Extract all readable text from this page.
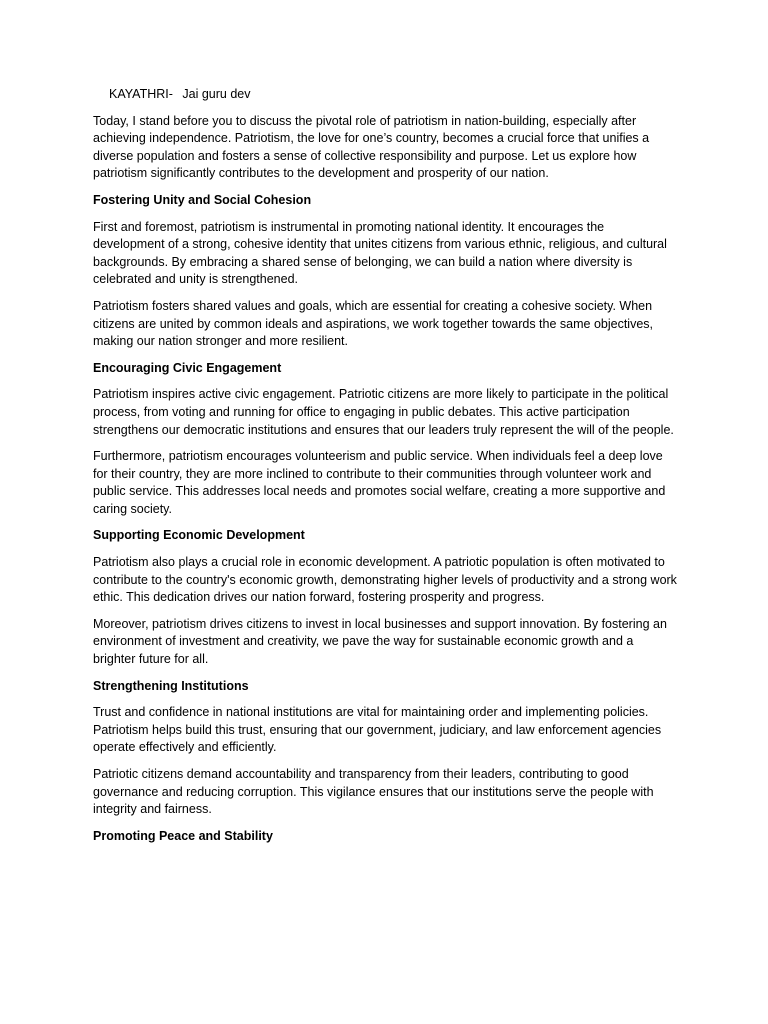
KAYATHRI- Jai guru dev

Today, I stand before you to discuss the pivotal role of patriotism in nation-building, especially after achieving independence. Patriotism, the love for one’s country, becomes a crucial force that unifies a diverse population and fosters a sense of collective responsibility and purpose. Let us explore how patriotism significantly contributes to the development and prosperity of our nation.

Fostering Unity and Social Cohesion

First and foremost, patriotism is instrumental in promoting national identity. It encourages the development of a strong, cohesive identity that unites citizens from various ethnic, religious, and cultural backgrounds. By embracing a shared sense of belonging, we can build a nation where diversity is celebrated and unity is strengthened.

Patriotism fosters shared values and goals, which are essential for creating a cohesive society. When citizens are united by common ideals and aspirations, we work together towards the same objectives, making our nation stronger and more resilient.

Encouraging Civic Engagement

Patriotism inspires active civic engagement. Patriotic citizens are more likely to participate in the political process, from voting and running for office to engaging in public debates. This active participation strengthens our democratic institutions and ensures that our leaders truly represent the will of the people.

Furthermore, patriotism encourages volunteerism and public service. When individuals feel a deep love for their country, they are more inclined to contribute to their communities through volunteer work and public service. This addresses local needs and promotes social welfare, creating a more supportive and caring society.

Supporting Economic Development

Patriotism also plays a crucial role in economic development. A patriotic population is often motivated to contribute to the country's economic growth, demonstrating higher levels of productivity and a strong work ethic. This dedication drives our nation forward, fostering prosperity and progress.

Moreover, patriotism drives citizens to invest in local businesses and support innovation. By fostering an environment of investment and creativity, we pave the way for sustainable economic growth and a brighter future for all.

Strengthening Institutions

Trust and confidence in national institutions are vital for maintaining order and implementing policies. Patriotism helps build this trust, ensuring that our government, judiciary, and law enforcement agencies operate effectively and efficiently.

Patriotic citizens demand accountability and transparency from their leaders, contributing to good governance and reducing corruption. This vigilance ensures that our institutions serve the people with integrity and fairness.

Promoting Peace and Stability
